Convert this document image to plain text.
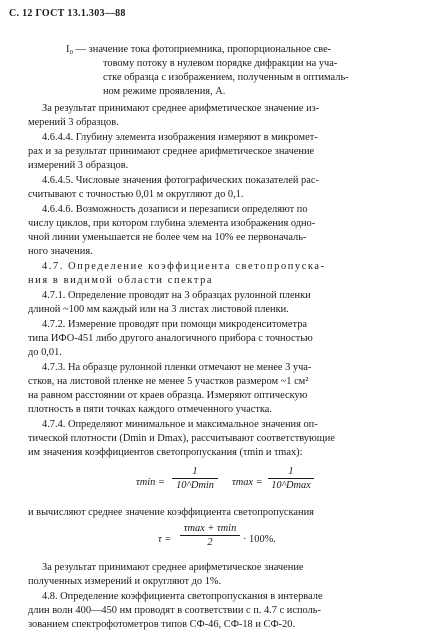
С. 12 ГОСТ 13.1.303—88
I₀ — значение тока фотоприемника, пропорциональное све-
товому потоку в нулевом порядке дифракции на уча-
стке образца с изображением, полученным в оптималь-
ном режиме проявления, А.
За результат принимают среднее арифметическое значение из-
мерений 3 образцов.
4.6.4.4. Глубину элемента изображения измеряют в микромет-
рах и за результат принимают среднее арифметическое значение
измерений 3 образцов.
4.6.4.5. Числовые значения фотографических показателей рас-
считывают с точностью 0,01 м округляют до 0,1.
4.6.4.6. Возможность дозапиcи и перезаписи определяют по
числу циклов, при котором глубина элемента изображения одно-
чной линии уменьшается не более чем на 10% ее первоначаль-
ного значения.
4.7. Определение коэффициента светопропуска-
ния в видимой области спектра
4.7.1. Определение проводят на 3 образцах рулонной пленки
длиной ~100 мм каждый или на 3 листах листовой пленки.
4.7.2. Измерение проводят при помощи микроденситометра
типа ИФО-451 либо другого аналогичного прибора с точностью
до 0,01.
4.7.3. На образце рулонной пленки отмечают не менее 3 уча-
стков, на листовой пленке не менее 5 участков размером ~1 см²
на равном расстоянии от краев образца. Измеряют оптическую
плотность в пяти точках каждого отмеченного участка.
4.7.4. Определяют минимальное и максимальное значения оп-
тической плотности (Dmin и Dmax), рассчитывают соответствующие
им значения коэффициентов светопропускания (τmin и τmax):
τmin =
1
10^Dmin	τmax =
1
10^Dmax
и вычисляют среднее значение коэффициента светопропускания
τ =
τmax + τmin
2	· 100%.
За результат принимают среднее арифметическое значение
полученных измерений и округляют до 1%.
4.8. Определение коэффициента светопропускания в интервале
длин волн 400—450 нм проводят в соответствии с п. 4.7 с исполь-
зованием спектрофотометров типов СФ-46, СФ-18 и СФ-20.
